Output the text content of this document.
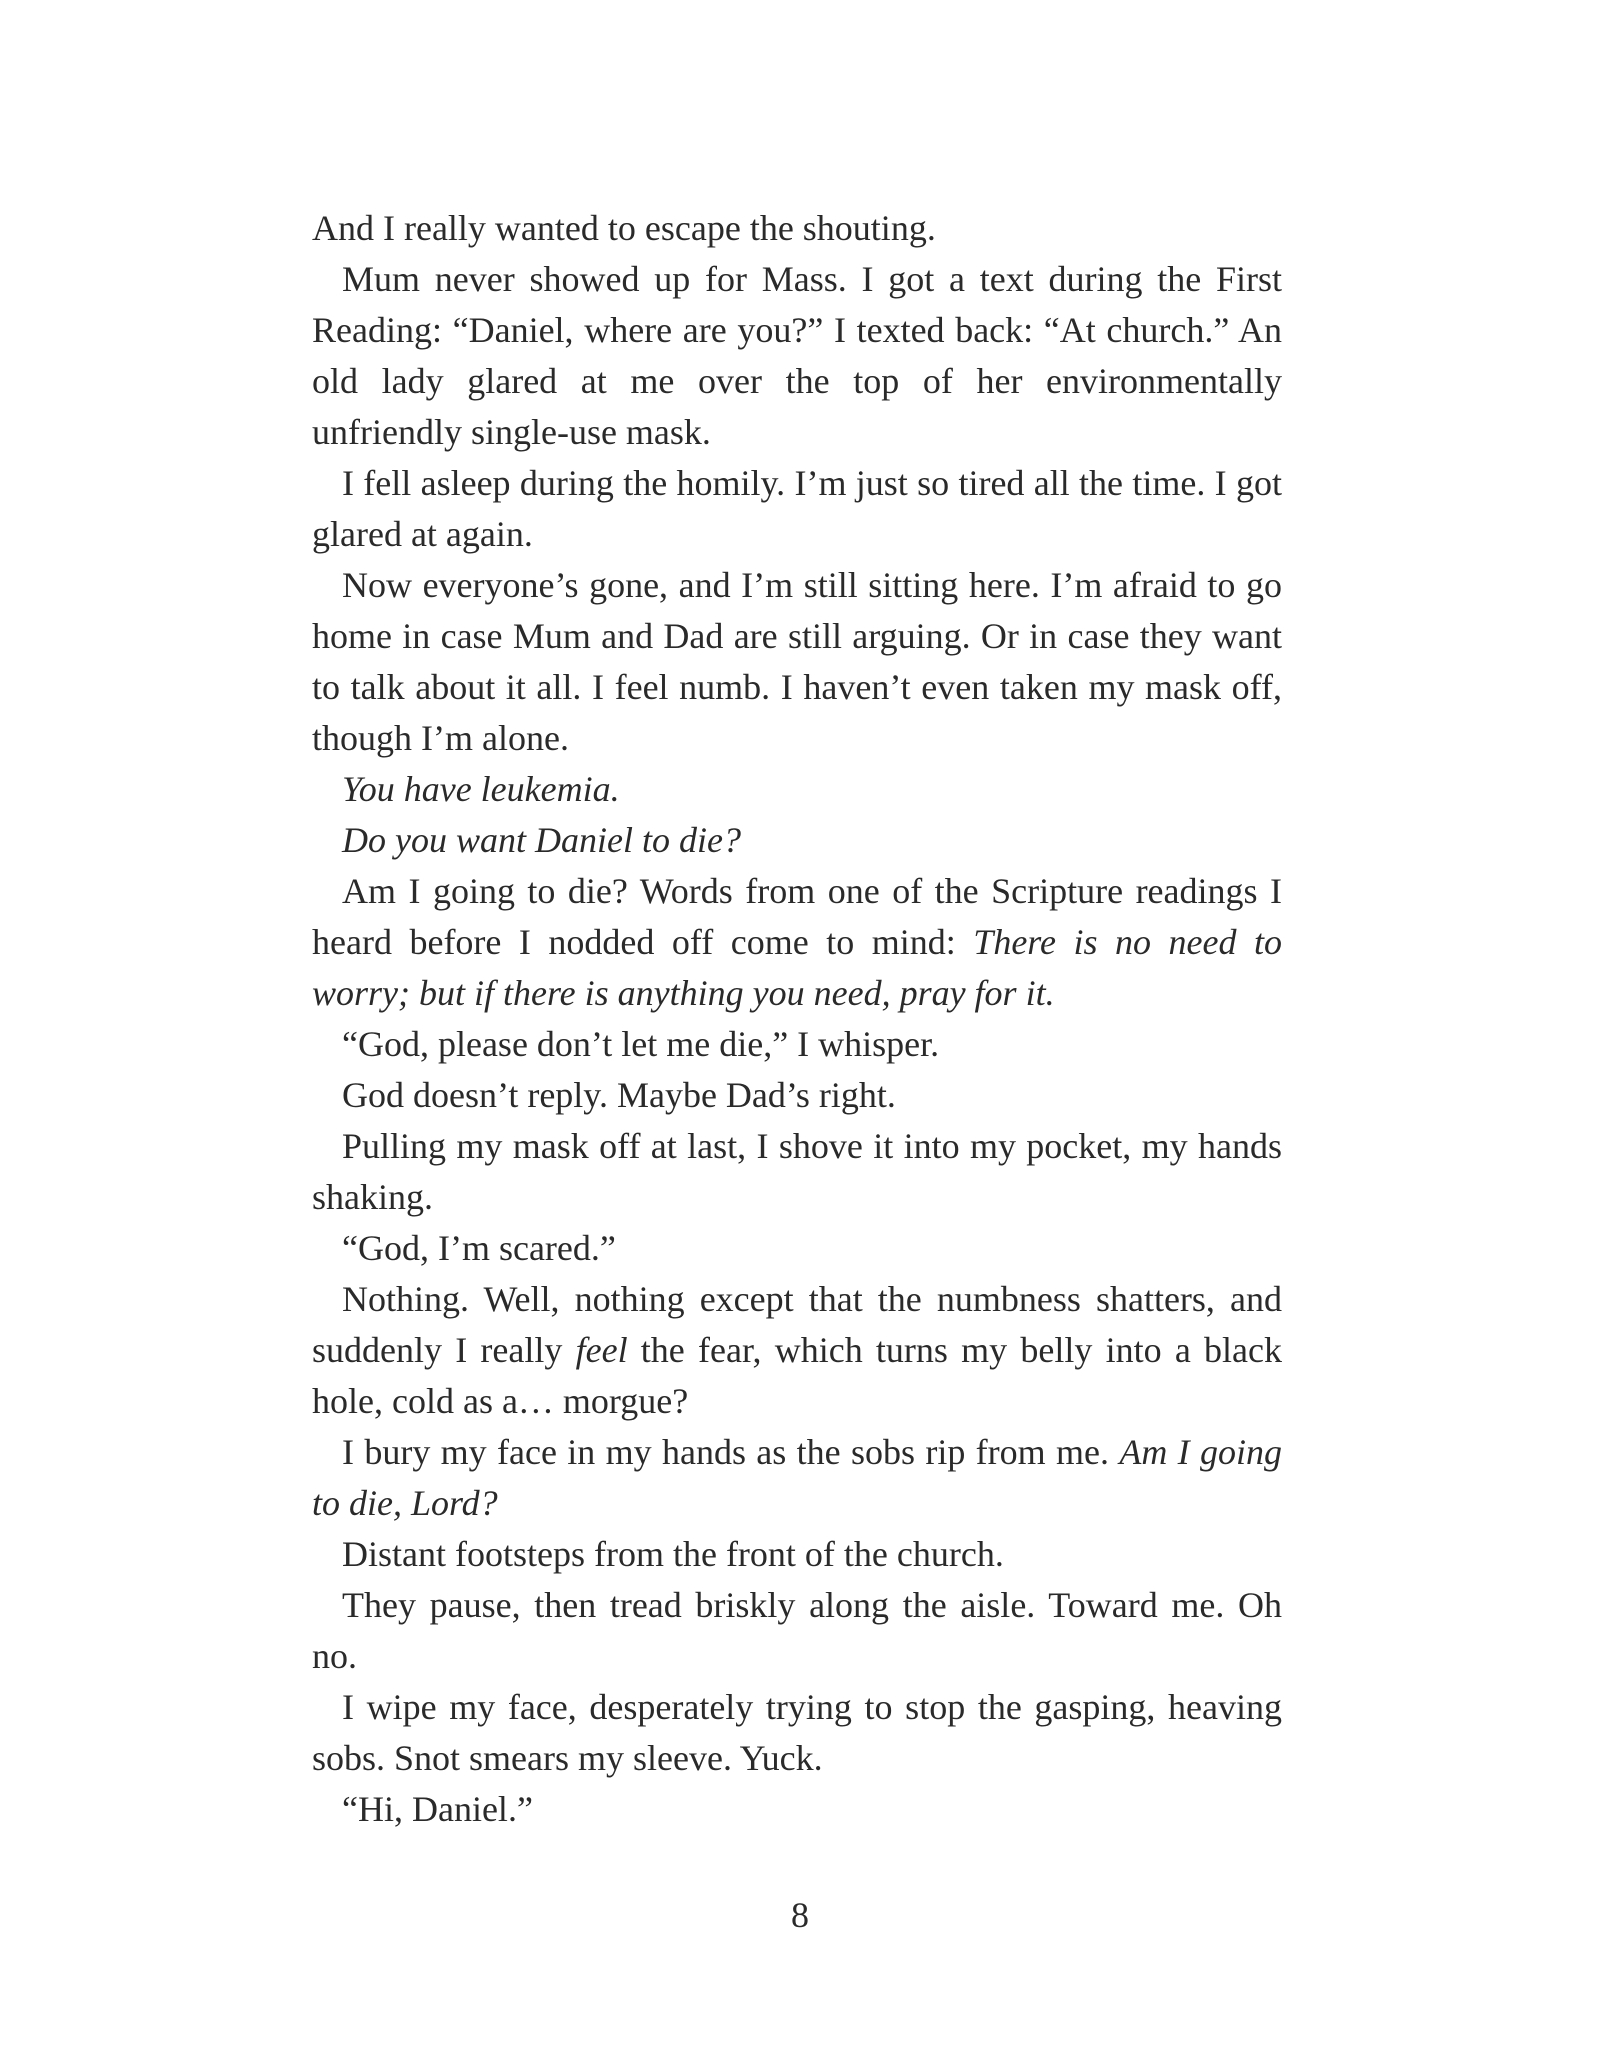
And I really wanted to escape the shouting.

Mum never showed up for Mass. I got a text during the First Reading: “Daniel, where are you?” I texted back: “At church.” An old lady glared at me over the top of her environmentally unfriendly single-use mask.

I fell asleep during the homily. I’m just so tired all the time. I got glared at again.

Now everyone’s gone, and I’m still sitting here. I’m afraid to go home in case Mum and Dad are still arguing. Or in case they want to talk about it all. I feel numb. I haven’t even taken my mask off, though I’m alone.

You have leukemia.

Do you want Daniel to die?

Am I going to die? Words from one of the Scripture readings I heard before I nodded off come to mind: There is no need to worry; but if there is anything you need, pray for it.

“God, please don’t let me die,” I whisper.

God doesn’t reply. Maybe Dad’s right.

Pulling my mask off at last, I shove it into my pocket, my hands shaking.

“God, I’m scared.”

Nothing. Well, nothing except that the numbness shatters, and suddenly I really feel the fear, which turns my belly into a black hole, cold as a… morgue?

I bury my face in my hands as the sobs rip from me. Am I going to die, Lord?

Distant footsteps from the front of the church.

They pause, then tread briskly along the aisle. Toward me. Oh no.

I wipe my face, desperately trying to stop the gasping, heaving sobs. Snot smears my sleeve. Yuck.

“Hi, Daniel.”

8
